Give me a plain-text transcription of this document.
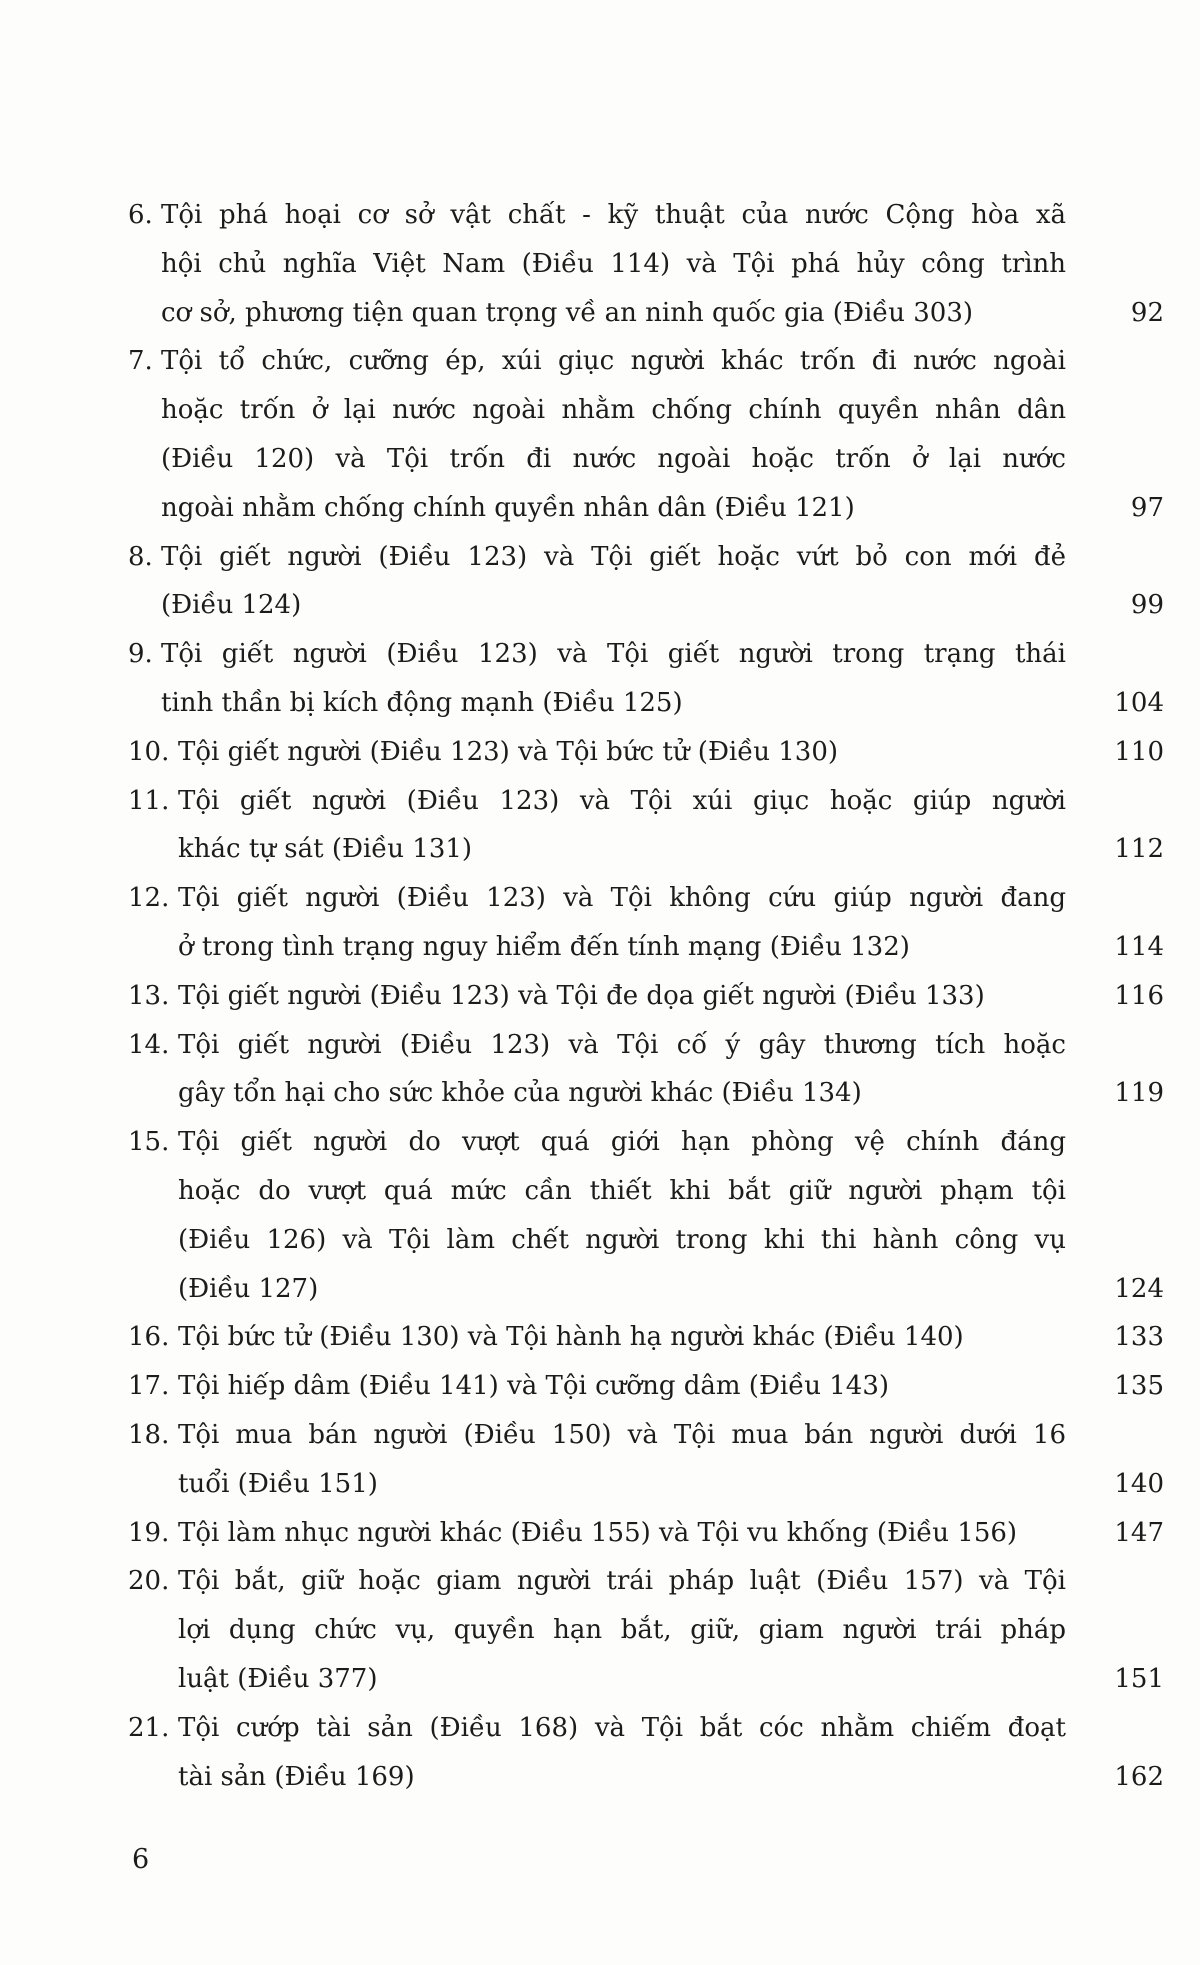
6. Tội phá hoại cơ sở vật chất - kỹ thuật của nước Cộng hòa xã
hội chủ nghĩa Việt Nam (Điều 114) và Tội phá hủy công trình
cơ sở, phương tiện quan trọng về an ninh quốc gia (Điều 303)	92
7. Tội tổ chức, cưỡng ép, xúi giục người khác trốn đi nước ngoài
hoặc trốn ở lại nước ngoài nhằm chống chính quyền nhân dân
(Điều 120) và Tội trốn đi nước ngoài hoặc trốn ở lại nước
ngoài nhằm chống chính quyền nhân dân (Điều 121)	97
8. Tội giết người (Điều 123) và Tội giết hoặc vứt bỏ con mới đẻ
(Điều 124)	99
9. Tội giết người (Điều 123) và Tội giết người trong trạng thái
tinh thần bị kích động mạnh (Điều 125)	104
10. Tội giết người (Điều 123) và Tội bức tử (Điều 130)	110
11. Tội giết người (Điều 123) và Tội xúi giục hoặc giúp người
khác tự sát (Điều 131)	112
12. Tội giết người (Điều 123) và Tội không cứu giúp người đang
ở trong tình trạng nguy hiểm đến tính mạng (Điều 132)	114
13. Tội giết người (Điều 123) và Tội đe dọa giết người (Điều 133)	116
14. Tội giết người (Điều 123) và Tội cố ý gây thương tích hoặc
gây tổn hại cho sức khỏe của người khác (Điều 134)	119
15. Tội giết người do vượt quá giới hạn phòng vệ chính đáng
hoặc do vượt quá mức cần thiết khi bắt giữ người phạm tội
(Điều 126) và Tội làm chết người trong khi thi hành công vụ
(Điều 127)	124
16. Tội bức tử (Điều 130) và Tội hành hạ người khác (Điều 140)	133
17. Tội hiếp dâm (Điều 141) và Tội cưỡng dâm (Điều 143)	135
18. Tội mua bán người (Điều 150) và Tội mua bán người dưới 16
tuổi (Điều 151)	140
19. Tội làm nhục người khác (Điều 155) và Tội vu khống (Điều 156)	147
20. Tội bắt, giữ hoặc giam người trái pháp luật (Điều 157) và Tội
lợi dụng chức vụ, quyền hạn bắt, giữ, giam người trái pháp
luật (Điều 377)	151
21. Tội cướp tài sản (Điều 168) và Tội bắt cóc nhằm chiếm đoạt
tài sản (Điều 169)	162
6
